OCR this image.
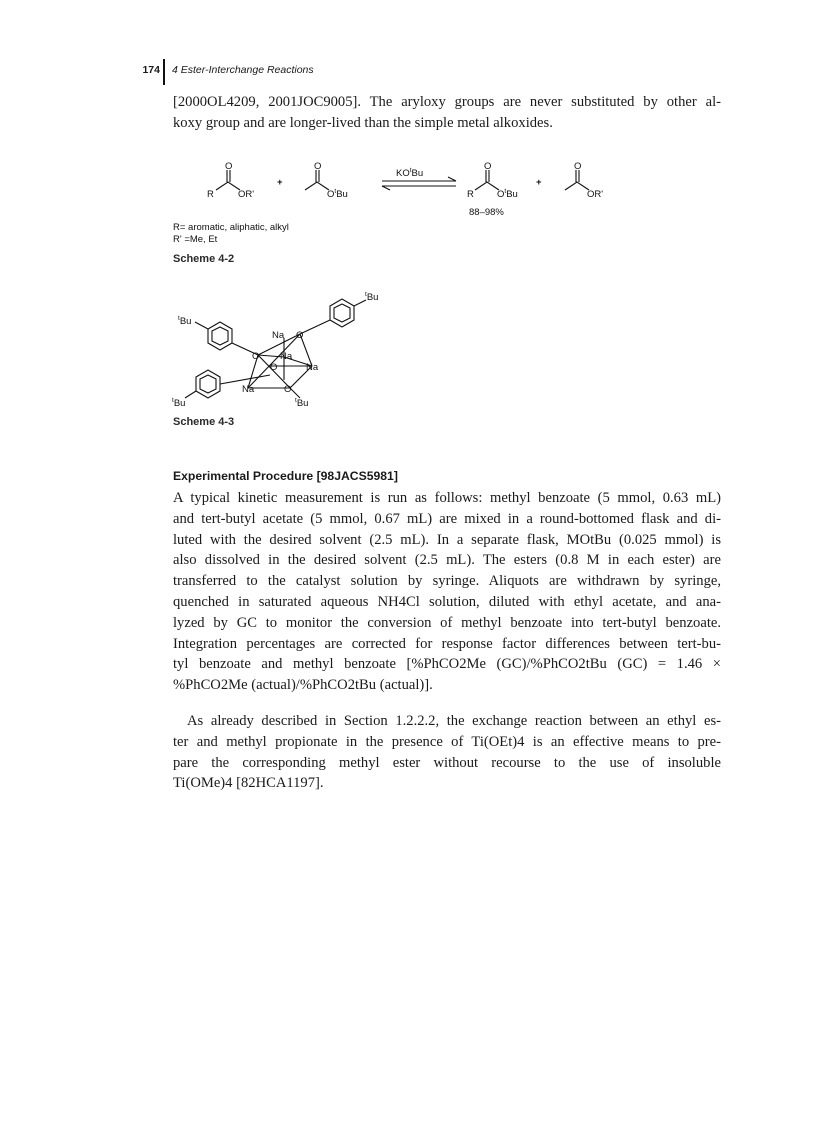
174 4 Ester-Interchange Reactions
[2000OL4209, 2001JOC9005]. The aryloxy groups are never substituted by other al-
koxy group and are longer-lived than the simple metal alkoxides.
O
R	OR'
+
O
$O^tBu$
$KO^tBu$
O
R $O^tBu$
88–98%
+
O
OR'
R= aromatic, aliphatic, alkyl
R' =Me, Et
Na O
O Na
O	Na
Na	O
$^t$Bu
$^t$Bu
$^t$Bu	$^t$Bu
Scheme 4-2
Scheme 4-3
Experimental Procedure [98JACS5981]
A typical kinetic measurement is run as follows: methyl benzoate (5 mmol, 0.63 mL)
and tert-butyl acetate (5 mmol, 0.67 mL) are mixed in a round-bottomed flask and di-
luted with the desired solvent (2.5 mL). In a separate flask, MOtBu (0.025 mmol) is
also dissolved in the desired solvent (2.5 mL). The esters (0.8 M in each ester) are
transferred to the catalyst solution by syringe. Aliquots are withdrawn by syringe,
quenched in saturated aqueous NH4Cl solution, diluted with ethyl acetate, and ana-
lyzed by GC to monitor the conversion of methyl benzoate into tert-butyl benzoate.
Integration percentages are corrected for response factor differences between tert-bu-
tyl benzoate and methyl benzoate [%PhCO2Me (GC)/%PhCO2tBu (GC) = 1.46 ×
%PhCO2Me (actual)/%PhCO2tBu (actual)].
As already described in Section 1.2.2.2, the exchange reaction between an ethyl es-
ter and methyl propionate in the presence of Ti(OEt)4 is an effective means to pre-
pare the corresponding methyl ester without recourse to the use of insoluble
Ti(OMe)4 [82HCA1197].
